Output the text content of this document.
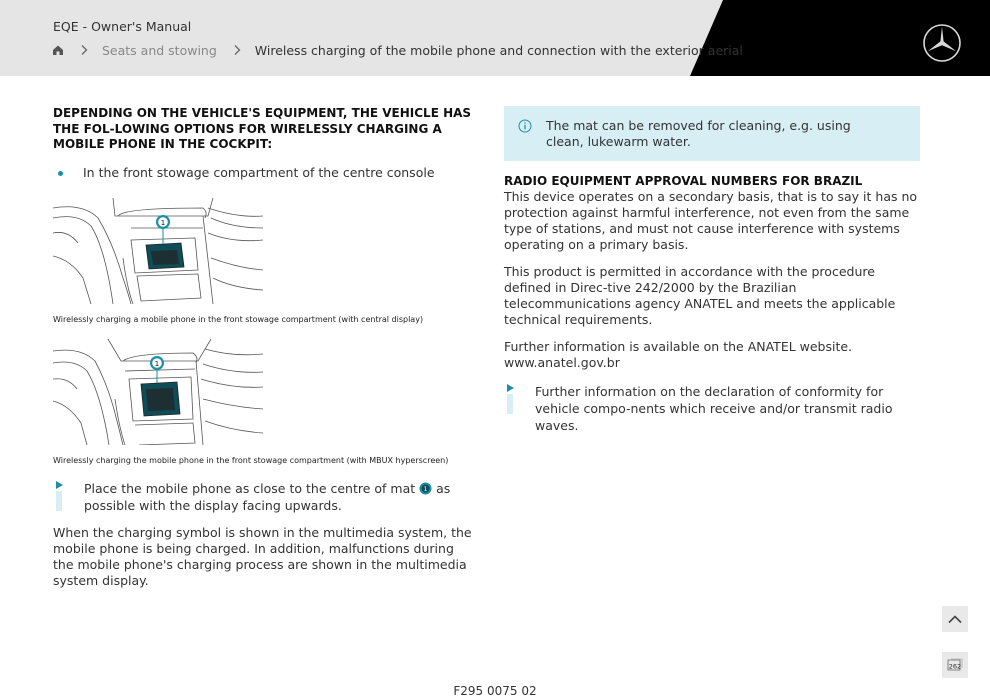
EQE - Owner's Manual
Seats and stowing	Wireless charging of the mobile phone and connection with the exterior aerial
DEPENDING ON THE VEHICLE'S EQUIPMENT, THE VEHICLE HAS THE FOL-LOWING OPTIONS FOR WIRELESSLY CHARGING A MOBILE PHONE IN THE COCKPIT:
In the front stowage compartment of the centre console
1
Wirelessly charging a mobile phone in the front stowage compartment (with central display)
1
Wirelessly charging the mobile phone in the front stowage compartment (with MBUX hyperscreen)
Place the mobile phone as close to the centre of mat 1 as possible with the display facing upwards.
When the charging symbol is shown in the multimedia system, the mobile phone is being charged. In addition, malfunctions during the mobile phone's charging process are shown in the multimedia system display.
The mat can be removed for cleaning, e.g. using clean, lukewarm water.
RADIO EQUIPMENT APPROVAL NUMBERS FOR BRAZIL
This device operates on a secondary basis, that is to say it has no protection against harmful interference, not even from the same type of stations, and must not cause interference with systems operating on a primary basis.
This product is permitted in accordance with the procedure defined in Direc-tive 242/2000 by the Brazilian telecommunications agency ANATEL and meets the applicable technical requirements.
Further information is available on the ANATEL website. www.anatel.gov.br
Further information on the declaration of conformity for vehicle compo-nents which receive and/or transmit radio waves.
262
F295 0075 02
